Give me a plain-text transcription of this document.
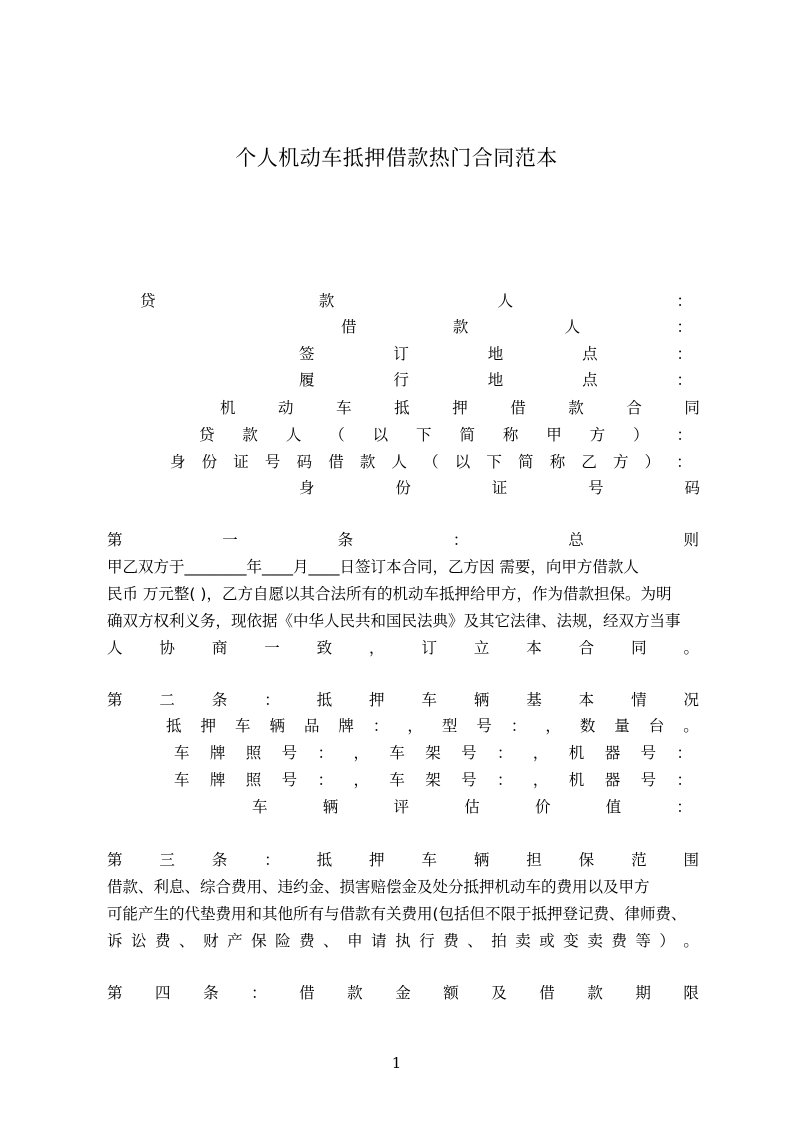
个人机动车抵押借款热门合同范本
贷	款	人	：
借	款	人	：
签	订	地	点	：
履	行	地	点	：
机	动	车	抵	押	借	款	合	同
贷 款 人 （ 以 下 简 称 甲 方 ） ：
身 份 证 号 码 借 款 人 （ 以 下 简 称 乙 方 ） ：
身	份	证	号	码
第	一	条	：	总	则
甲乙双方于________年____月____日签订本合同，乙方因 需要，向甲方借款人
民币 万元整( )，乙方自愿以其合法所有的机动车抵押给甲方，作为借款担保。为明
确双方权利义务，现依据《中华人民共和国民法典》及其它法律、法规，经双方当事
人 协 商 一 致 ， 订 立 本 合 同 。
第 二 条 ： 抵 押 车 辆 基 本 情 况
抵 押 车 辆 品 牌 ： ， 型 号 ： ， 数 量 台 。
车 牌 照 号 ： ， 车 架 号 ： ， 机 器 号 ：
车 牌 照 号 ： ， 车 架 号 ： ， 机 器 号 ：
车	辆	评	估	价	值	：
第 三 条 ： 抵 押 车 辆 担 保 范 围
借款、利息、综合费用、违约金、损害赔偿金及处分抵押机动车的费用以及甲方
可能产生的代垫费用和其他所有与借款有关费用(包括但不限于抵押登记费、律师费、
诉 讼 费 、 财 产 保 险 费 、 申 请 执 行 费 、 拍 卖 或 变 卖 费 等 ） 。
第 四 条 ： 借 款 金 额 及 借 款 期 限
1
